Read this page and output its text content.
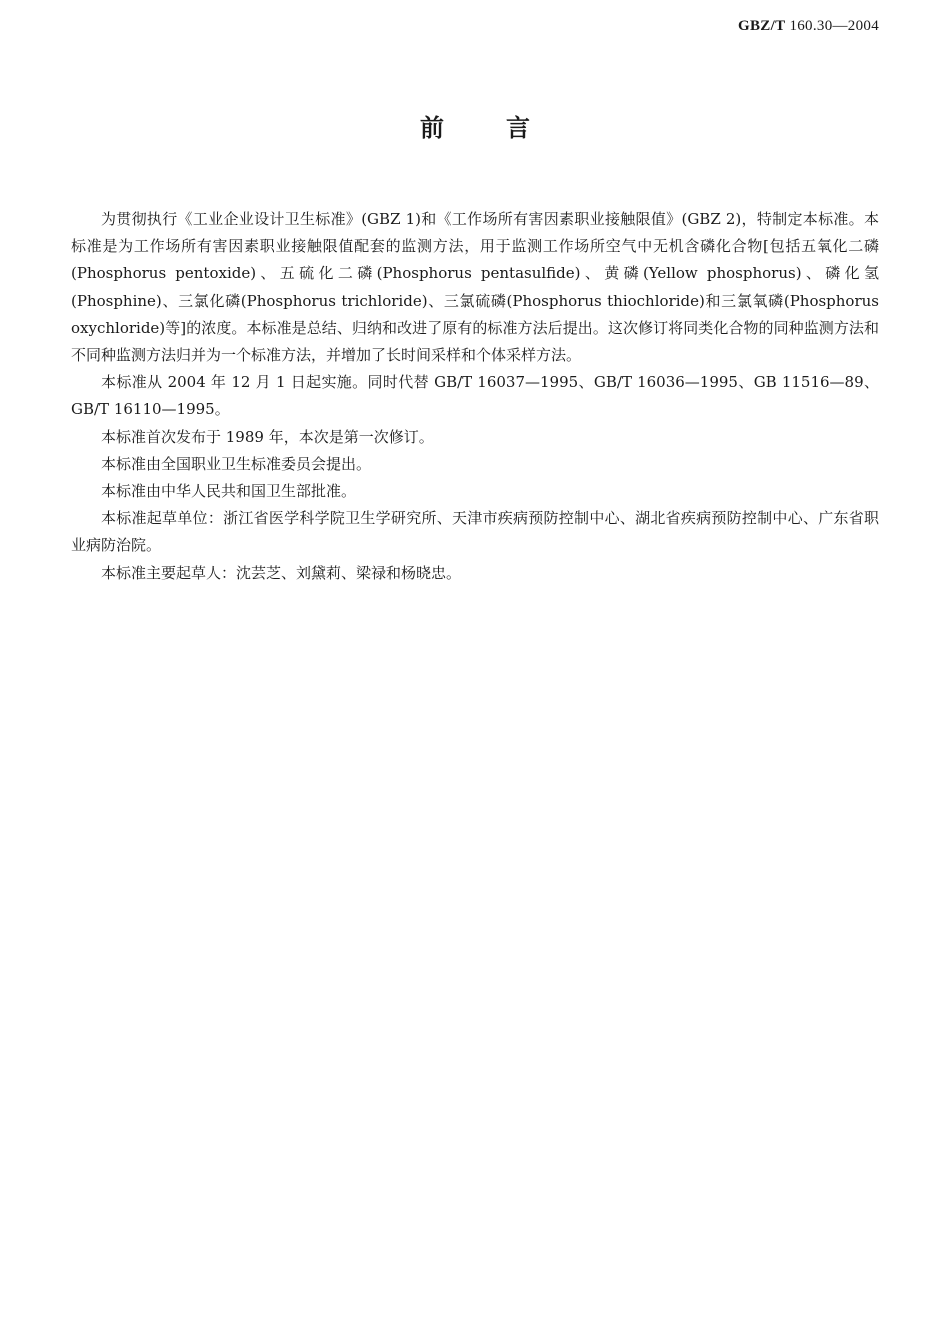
GBZ/T 160.30—2004
前言

为贯彻执行《工业企业设计卫生标准》(GBZ 1)和《工作场所有害因素职业接触限值》(GBZ 2)，特制定本标准。本标准是为工作场所有害因素职业接触限值配套的监测方法，用于监测工作场所空气中无机含磷化合物[包括五氧化二磷(Phosphorus pentoxide)、五硫化二磷(Phosphorus pentasulfide)、黄磷(Yellow phosphorus)、磷化氢(Phosphine)、三氯化磷(Phosphorus trichloride)、三氯硫磷(Phosphorus thiochloride)和三氯氧磷(Phosphorus oxychloride)等]的浓度。本标准是总结、归纳和改进了原有的标准方法后提出。这次修订将同类化合物的同种监测方法和不同种监测方法归并为一个标准方法，并增加了长时间采样和个体采样方法。

本标准从 2004 年 12 月 1 日起实施。同时代替 GB/T 16037—1995、GB/T 16036—1995、GB 11516—89、GB/T 16110—1995。

本标准首次发布于 1989 年，本次是第一次修订。

本标准由全国职业卫生标准委员会提出。

本标准由中华人民共和国卫生部批准。

本标准起草单位：浙江省医学科学院卫生学研究所、天津市疾病预防控制中心、湖北省疾病预防控制中心、广东省职业病防治院。

本标准主要起草人：沈芸芝、刘黛莉、梁禄和杨晓忠。
